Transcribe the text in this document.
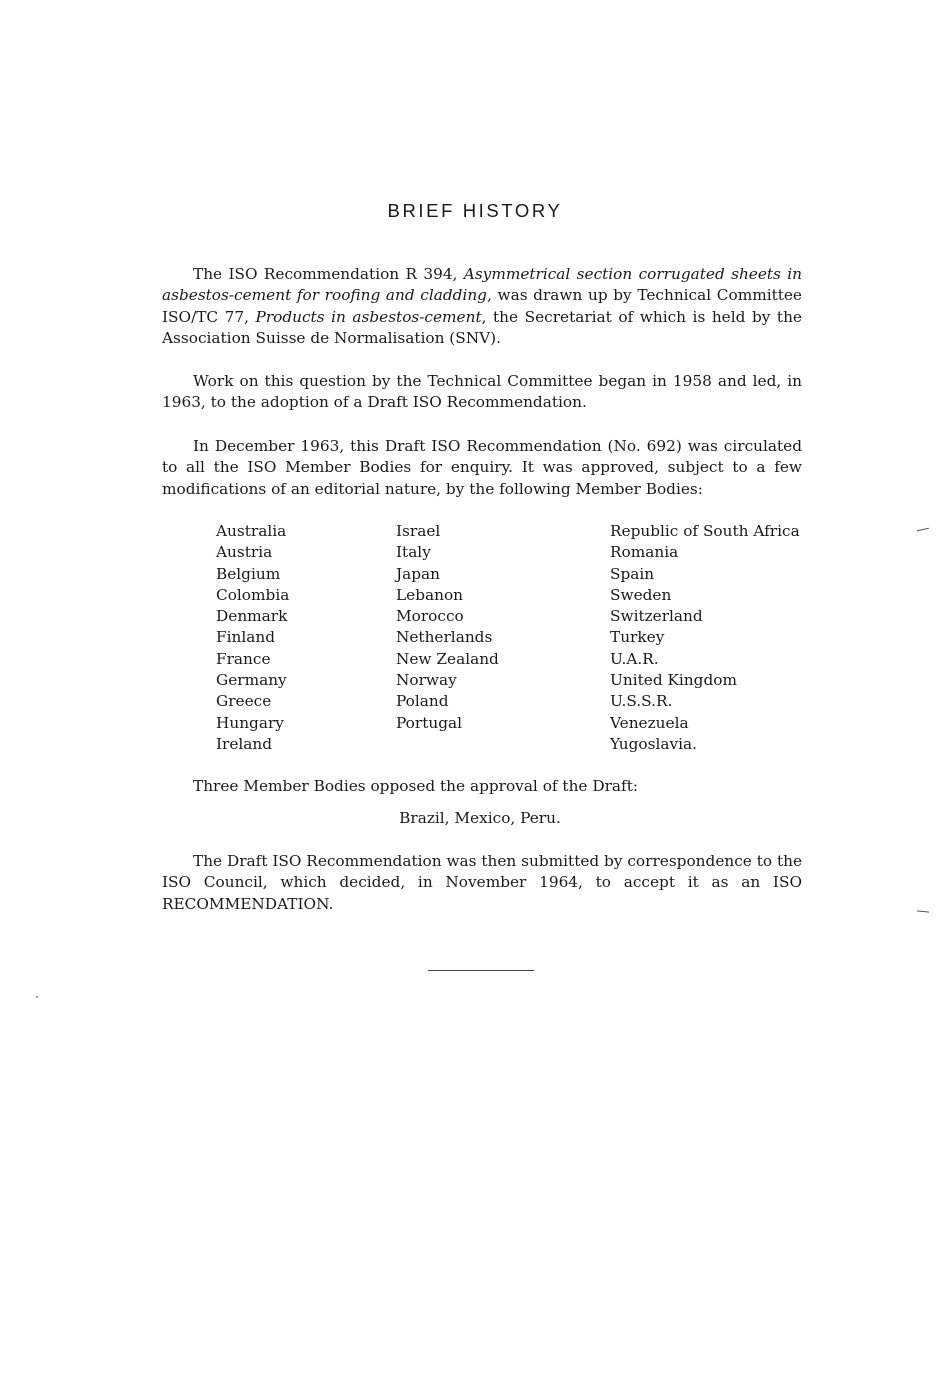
BRIEF HISTORY

The ISO Recommendation R 394, Asymmetrical section corrugated sheets in asbestos-cement for roofing and cladding, was drawn up by Technical Committee ISO/TC 77, Products in asbestos-cement, the Secretariat of which is held by the Association Suisse de Normalisation (SNV).

Work on this question by the Technical Committee began in 1958 and led, in 1963, to the adoption of a Draft ISO Recommendation.

In December 1963, this Draft ISO Recommendation (No. 692) was circulated to all the ISO Member Bodies for enquiry. It was approved, subject to a few modifications of an editorial nature, by the following Member Bodies:

Australia
Austria
Belgium
Colombia
Denmark
Finland
France
Germany
Greece
Hungary
Ireland
Israel
Italy
Japan
Lebanon
Morocco
Netherlands
New Zealand
Norway
Poland
Portugal
Republic of South Africa
Romania
Spain
Sweden
Switzerland
Turkey
U.A.R.
United Kingdom
U.S.S.R.
Venezuela
Yugoslavia.

Three Member Bodies opposed the approval of the Draft:

Brazil, Mexico, Peru.

The Draft ISO Recommendation was then submitted by correspondence to the ISO Council, which decided, in November 1964, to accept it as an ISO RECOMMENDATION.
